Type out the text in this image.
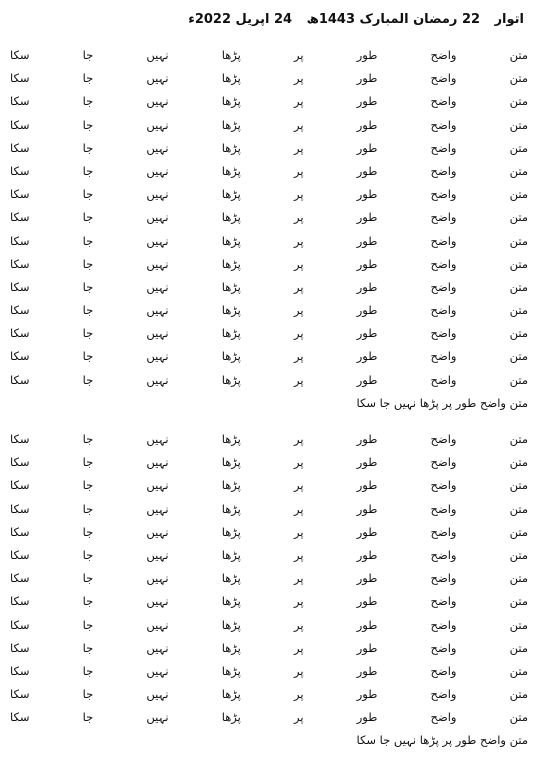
اتوار 22 رمضان المبارک 1443ھ 24 اپریل 2022ء
متن واضح طور پر پڑھا نہیں جا سکا
متن واضح طور پر پڑھا نہیں جا سکا
متن واضح طور پر پڑھا نہیں جا سکا
متن واضح طور پر پڑھا نہیں جا سکا
متن واضح طور پر پڑھا نہیں جا سکا
متن واضح طور پر پڑھا نہیں جا سکا
متن واضح طور پر پڑھا نہیں جا سکا
متن واضح طور پر پڑھا نہیں جا سکا
متن واضح طور پر پڑھا نہیں جا سکا
متن واضح طور پر پڑھا نہیں جا سکا
متن واضح طور پر پڑھا نہیں جا سکا
متن واضح طور پر پڑھا نہیں جا سکا
متن واضح طور پر پڑھا نہیں جا سکا
متن واضح طور پر پڑھا نہیں جا سکا
متن واضح طور پر پڑھا نہیں جا سکا
متن واضح طور پر پڑھا نہیں جا سکا
متن واضح طور پر پڑھا نہیں جا سکا
متن واضح طور پر پڑھا نہیں جا سکا
متن واضح طور پر پڑھا نہیں جا سکا
متن واضح طور پر پڑھا نہیں جا سکا
متن واضح طور پر پڑھا نہیں جا سکا
متن واضح طور پر پڑھا نہیں جا سکا
متن واضح طور پر پڑھا نہیں جا سکا
متن واضح طور پر پڑھا نہیں جا سکا
متن واضح طور پر پڑھا نہیں جا سکا
متن واضح طور پر پڑھا نہیں جا سکا
متن واضح طور پر پڑھا نہیں جا سکا
متن واضح طور پر پڑھا نہیں جا سکا
متن واضح طور پر پڑھا نہیں جا سکا
متن واضح طور پر پڑھا نہیں جا سکا
